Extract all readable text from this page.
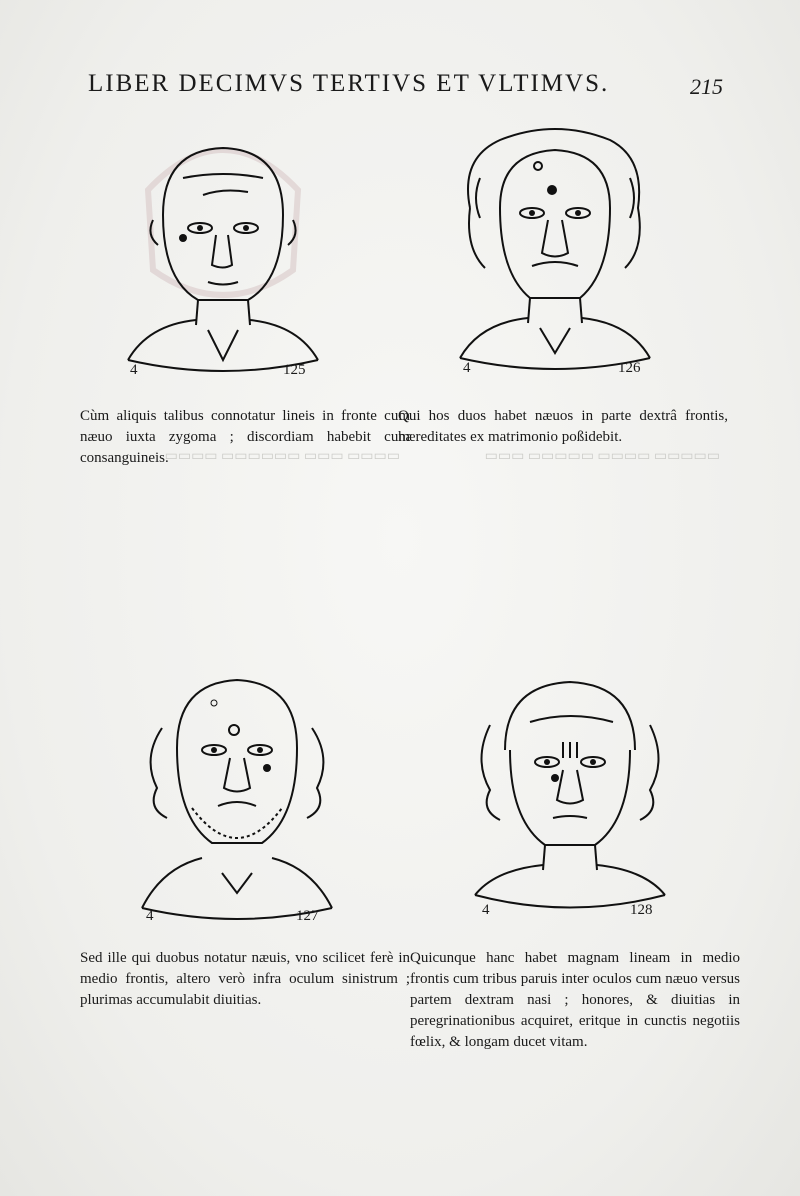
LIBER DECIMVS TERTIVS ET VLTIMVS.	215
▭▭▭▭ ▭▭▭ ▭▭▭▭▭▭ ▭▭▭▭	▭▭▭▭▭ ▭▭▭▭ ▭▭▭▭▭ ▭▭▭
4	125
Cùm aliquis talibus connotatur lineis in fronte cum næuo iuxta zygoma ; discordiam habebit cum consanguineis.
4	126
Qui hos duos habet næuos in parte dextrâ frontis, hæreditates ex matrimonio poßidebit.
4	127
Sed ille qui duobus notatur næuis, vno scilicet ferè in medio frontis, altero verò infra oculum sinistrum ; plurimas accumulabit diuitias.
4	128
Quicunque hanc habet magnam lineam in medio frontis cum tribus paruis inter oculos cum næuo versus partem dextram nasi ; honores, & diuitias in peregrinationibus acquiret, eritque in cunctis negotiis fœlix, & longam ducet vitam.
